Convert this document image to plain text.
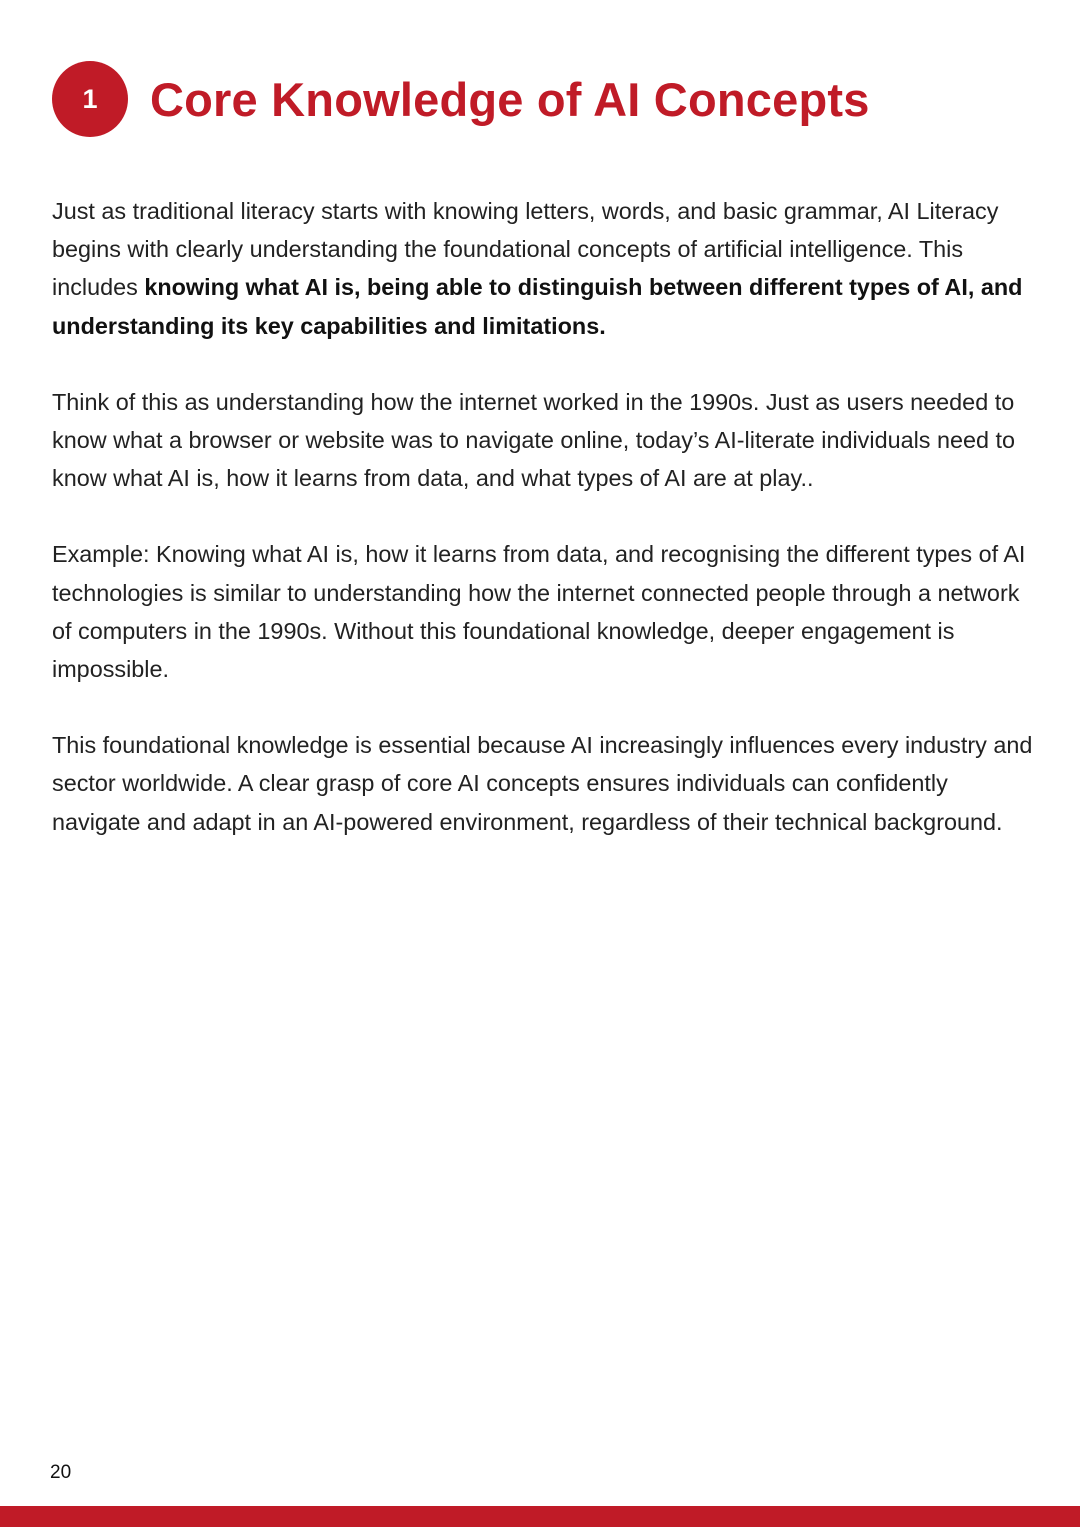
1	Core Knowledge of AI Concepts

Just as traditional literacy starts with knowing letters, words, and basic grammar, AI Literacy begins with clearly understanding the foundational concepts of artificial intelligence. This includes knowing what AI is, being able to distinguish between different types of AI, and understanding its key capabilities and limitations.

Think of this as understanding how the internet worked in the 1990s. Just as users needed to know what a browser or website was to navigate online, today’s AI-literate individuals need to know what AI is, how it learns from data, and what types of AI are at play..

Example: Knowing what AI is, how it learns from data, and recognising the different types of AI technologies is similar to understanding how the internet connected people through a network of computers in the 1990s. Without this foundational knowledge, deeper engagement is impossible.

This foundational knowledge is essential because AI increasingly influences every industry and sector worldwide. A clear grasp of core AI concepts ensures individuals can confidently navigate and adapt in an AI-powered environment, regardless of their technical background.

20
